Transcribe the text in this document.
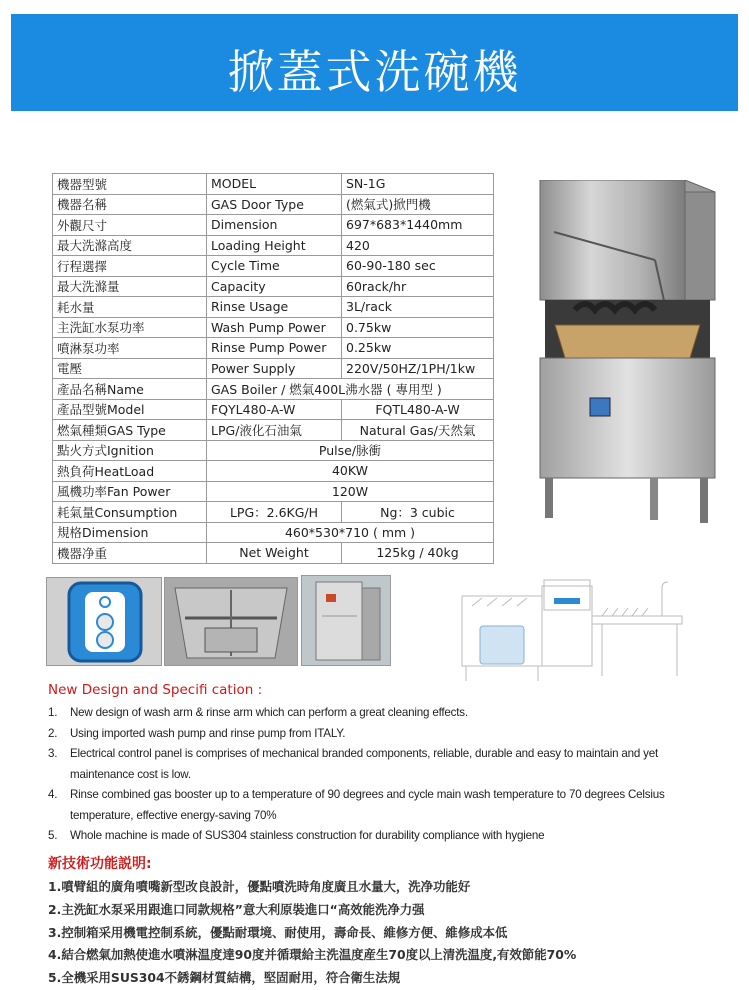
掀蓋式洗碗機
機器型號	MODEL	SN-1G
機器名稱	GAS Door Type	(燃氣式)掀門機
外觀尺寸	Dimension	697*683*1440mm
最大洗滌高度	Loading Height	420
行程選擇	Cycle Time	60-90-180 sec
最大洗滌量	Capacity	60rack/hr
耗水量	Rinse Usage	3L/rack
主洗缸水泵功率	Wash Pump Power	0.75kw
噴淋泵功率	Rinse Pump Power	0.25kw
電壓	Power Supply	220V/50HZ/1PH/1kw
產品名稱Name	GAS Boiler / 燃氣400L沸水器 ( 專用型 )	
產品型號Model	FQYL480-A-W	FQTL480-A-W
燃氣種類GAS Type	LPG/液化石油氣	Natural Gas/天然氣
點火方式Ignition	Pulse/脉衝	
熱負荷HeatLoad	40KW	
風機功率Fan Power	120W	
耗氣量Consumption	LPG：2.6KG/H	Ng：3 cubic
規格Dimension	460*530*710 ( mm )	
機器净重	Net Weight	125kg / 40kg
New Design and Specifi cation :
1. New design of wash arm & rinse arm which can perform a great cleaning effects.
2. Using imported wash pump and rinse pump from ITALY.
3. Electrical control panel is comprises of mechanical branded components, reliable, durable and easy to maintain and yet maintenance cost is low.
4. Rinse combined gas booster up to a temperature of 90 degrees and cycle main wash temperature to 70 degrees Celsius temperature, effective energy-saving 70%
5. Whole machine is made of SUS304 stainless construction for durability compliance with hygiene
新技術功能説明:
1.噴臂組的廣角噴嘴新型改良設計，優點噴洗時角度廣且水量大，洗净功能好
2.主洗缸水泵采用跟進口同款规格”意大利原裝進口“高效能洗净力强
3.控制箱采用機電控制系統，優點耐環境、耐使用，壽命長、維修方便、維修成本低
4.結合燃氣加熱使進水噴淋温度達90度并循環給主洗温度産生70度以上清洗温度,有效節能70%
5.全機采用SUS304不銹鋼材質結構，堅固耐用，符合衛生法規
